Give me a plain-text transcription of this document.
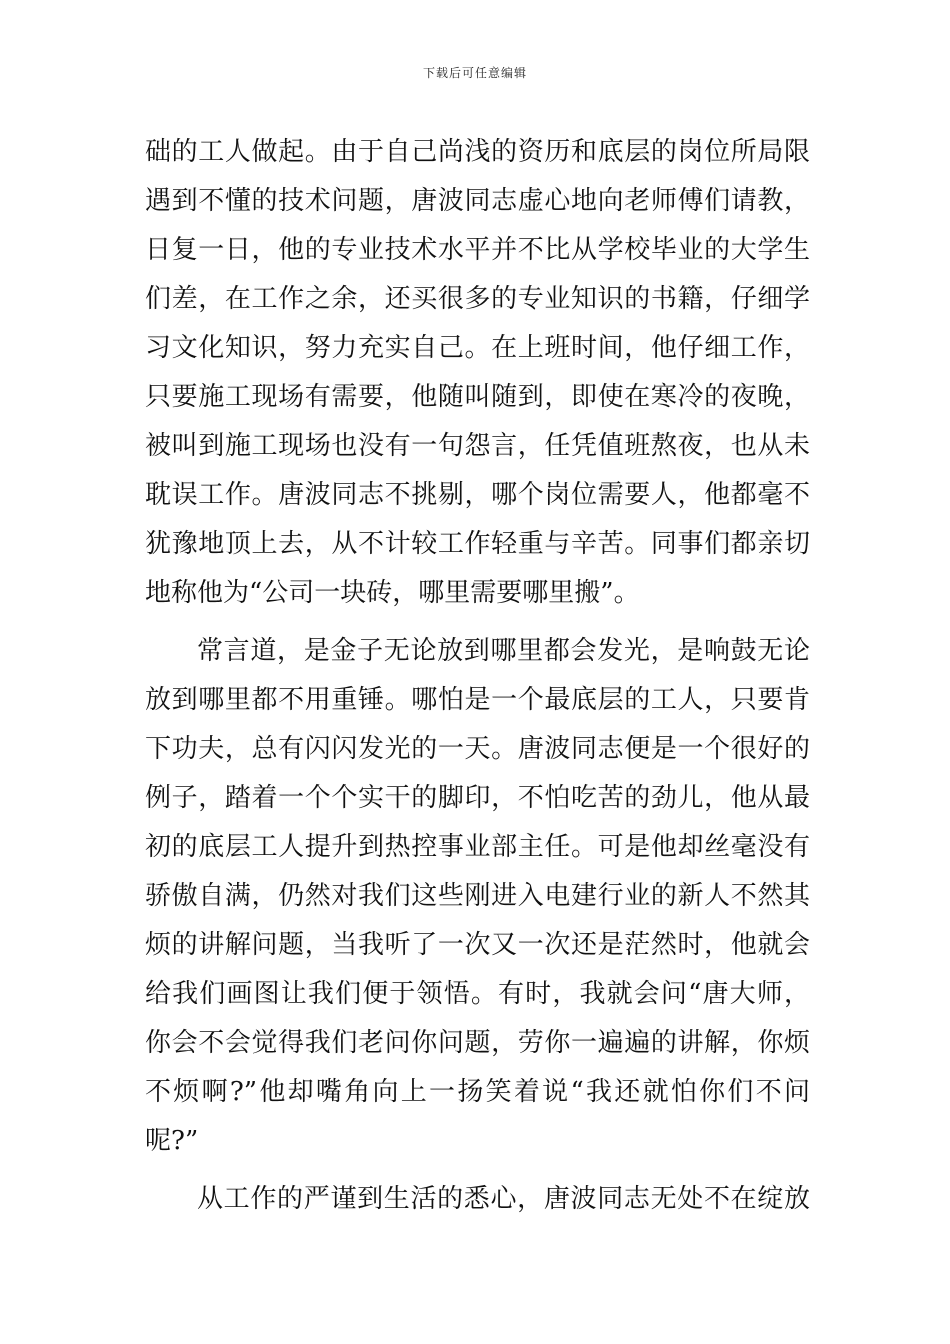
下载后可任意编辑
础的工人做起。由于自己尚浅的资历和底层的岗位所局限
遇到不懂的技术问题，唐波同志虚心地向老师傅们请教，
日复一日，他的专业技术水平并不比从学校毕业的大学生
们差，在工作之余，还买很多的专业知识的书籍，仔细学
习文化知识，努力充实自己。在上班时间，他仔细工作，
只要施工现场有需要，他随叫随到，即使在寒冷的夜晚，
被叫到施工现场也没有一句怨言，任凭值班熬夜，也从未
耽误工作。唐波同志不挑剔，哪个岗位需要人，他都毫不
犹豫地顶上去，从不计较工作轻重与辛苦。同事们都亲切
地称他为“公司一块砖，哪里需要哪里搬”。
常言道，是金子无论放到哪里都会发光，是响鼓无论
放到哪里都不用重锤。哪怕是一个最底层的工人，只要肯
下功夫，总有闪闪发光的一天。唐波同志便是一个很好的
例子，踏着一个个实干的脚印，不怕吃苦的劲儿，他从最
初的底层工人提升到热控事业部主任。可是他却丝毫没有
骄傲自满，仍然对我们这些刚进入电建行业的新人不然其
烦的讲解问题，当我听了一次又一次还是茫然时，他就会
给我们画图让我们便于领悟。有时，我就会问“唐大师，
你会不会觉得我们老问你问题，劳你一遍遍的讲解，你烦
不烦啊?”他却嘴角向上一扬笑着说“我还就怕你们不问
呢?”
从工作的严谨到生活的悉心，唐波同志无处不在绽放
